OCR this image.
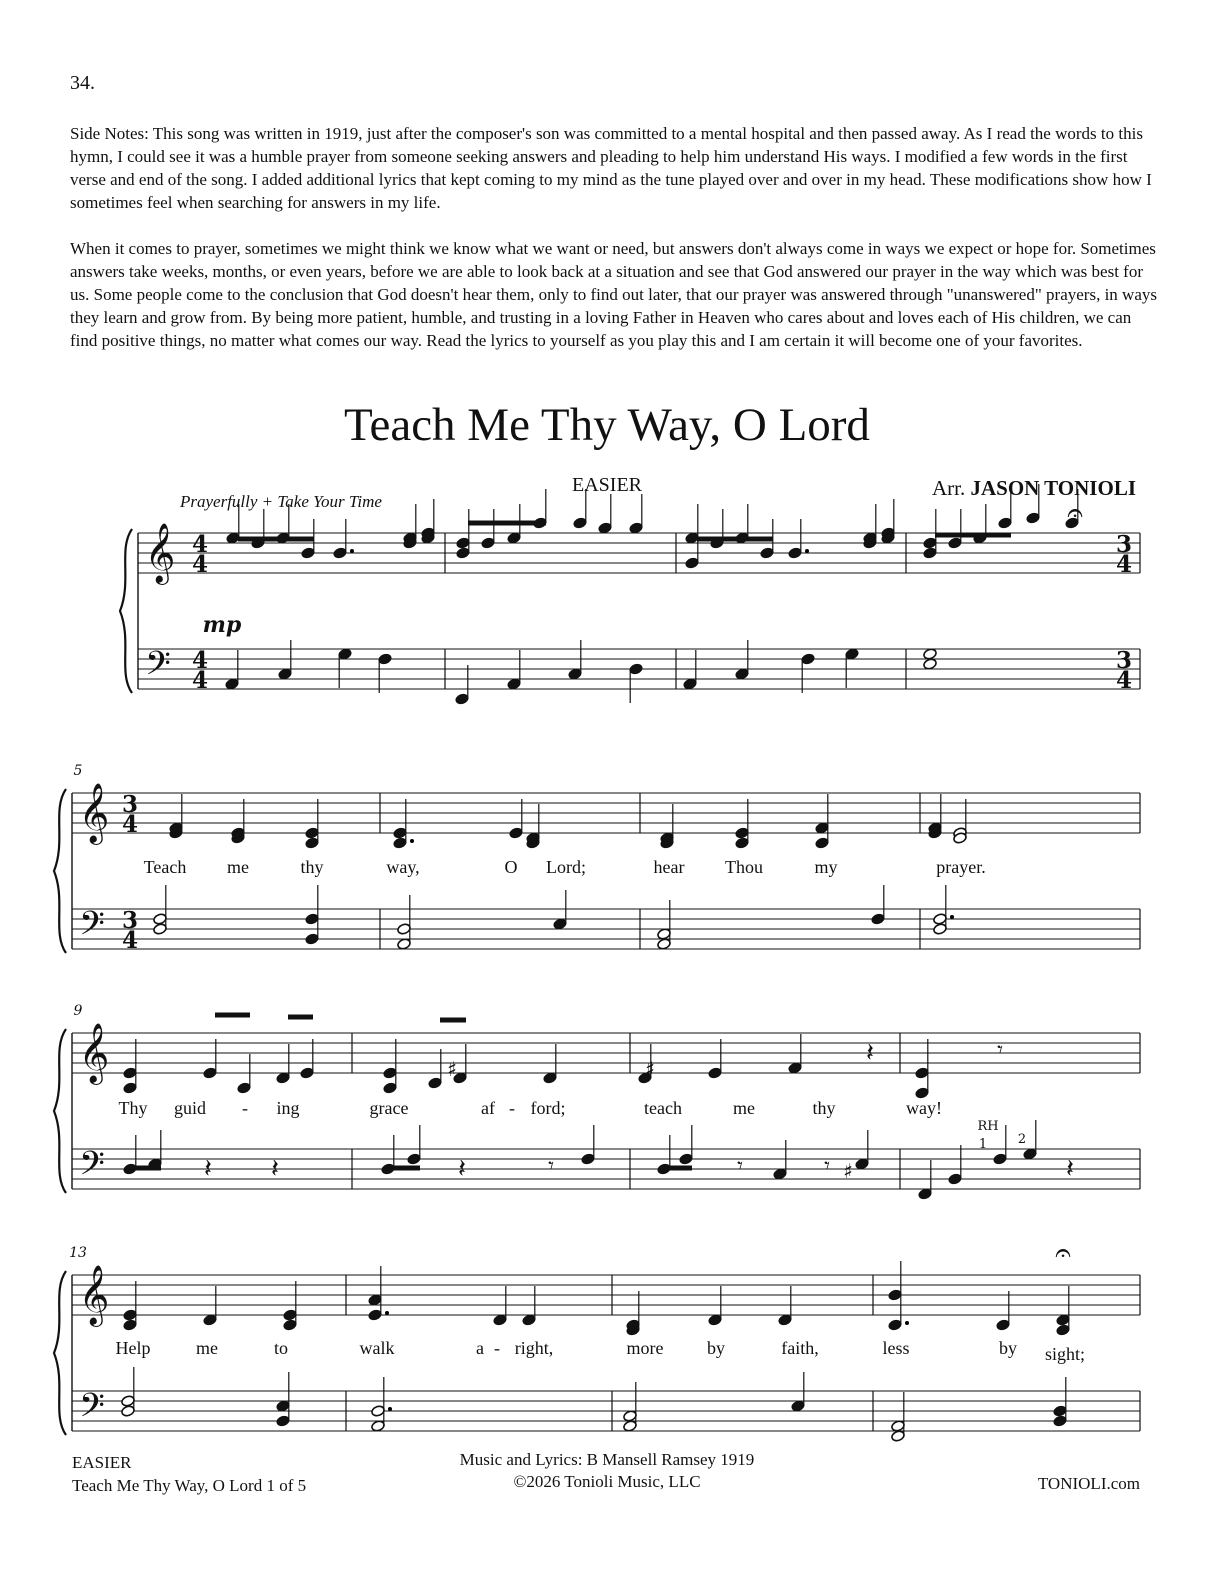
34.

Side Notes: This song was written in 1919, just after the composer's son was committed to a mental hospital and then passed away. As I read the words to this hymn, I could see it was a humble prayer from someone seeking answers and pleading to help him understand His ways. I modified a few words in the first verse and end of the song. I added additional lyrics that kept coming to my mind as the tune played over and over in my head. These modifications show how I sometimes feel when searching for answers in my life.

When it comes to prayer, sometimes we might think we know what we want or need, but answers don't always come in ways we expect or hope for. Sometimes answers take weeks, months, or even years, before we are able to look back at a situation and see that God answered our prayer in the way which was best for us. Some people come to the conclusion that God doesn't hear them, only to find out later, that our prayer was answered through "unanswered" prayers, in ways they learn and grow from. By being more patient, humble, and trusting in a loving Father in Heaven who cares about and loves each of His children, we can find positive things, no matter what comes our way. Read the lyrics to yourself as you play this and I am certain it will become one of your favorites.

Teach Me Thy Way, O Lord
EASIER	Arr. JASON TONIOLI
Prayerfully + Take Your Time
𝄞
𝄢
𝄞
𝄢
5
𝄞
𝄢
9
𝄞
𝄢
13
4
4
4
4
3
4
3
4
3
4
3
4
mp
𝄐
♯	♯
𝄽 𝄽	𝄽	𝄽
𝄾	𝄾	𝄾 ♯
𝄽	𝄾
𝄐
RH
1 2
Teach me	thy	way,	O Lord;	hear Thou	my	prayer.
Thy guid - ing	grace	af - ford;	teach	me	thy	way!
Help	me	to	walk	a - right,	more by	faith,	less	by sight;
EASIER
Teach Me Thy Way, O Lord 1 of 5
Music and Lyrics: B Mansell Ramsey 1919
©2026 Tonioli Music, LLC	TONIOLI.com
